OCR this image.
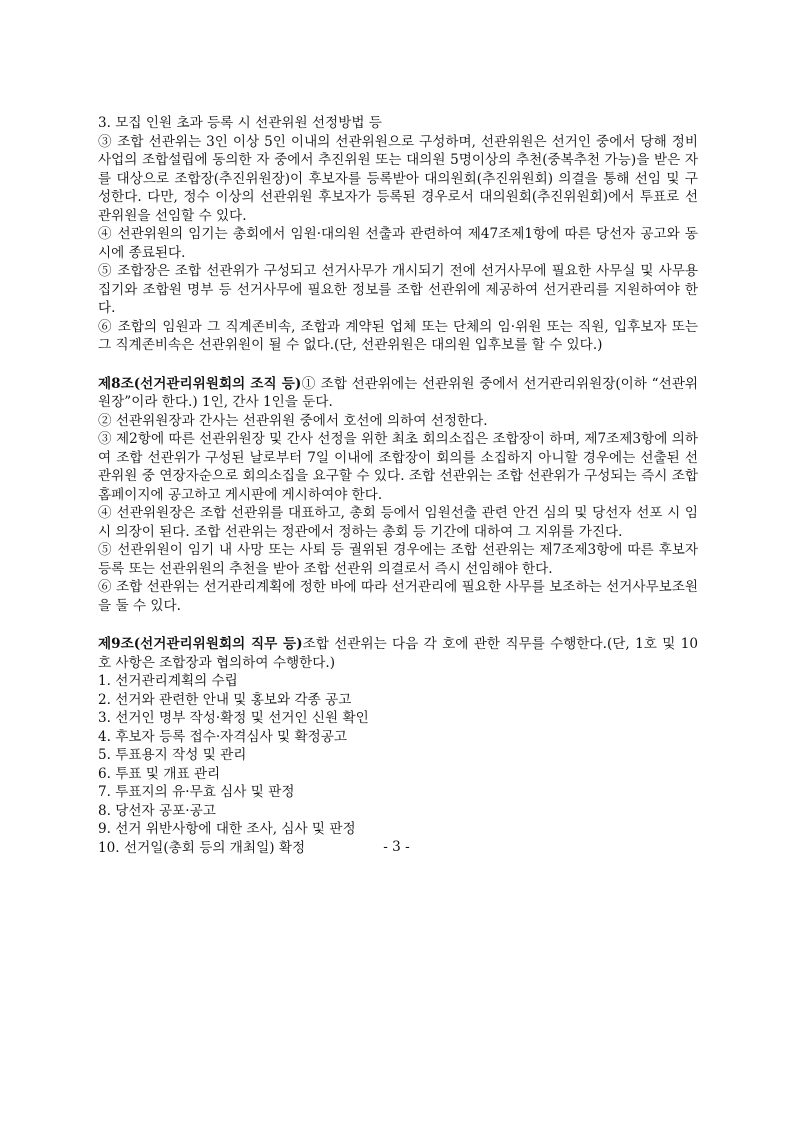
3. 모집 인원 초과 등록 시 선관위원 선정방법 등
③ 조합 선관위는 3인 이상 5인 이내의 선관위원으로 구성하며, 선관위원은 선거인 중에서 당해 정비사업의 조합설립에 동의한 자 중에서 추진위원 또는 대의원 5명이상의 추천(중복추천 가능)을 받은 자를 대상으로 조합장(추진위원장)이 후보자를 등록받아 대의원회(추진위원회) 의결을 통해 선임 및 구성한다. 다만, 정수 이상의 선관위원 후보자가 등록된 경우로서 대의원회(추진위원회)에서 투표로 선관위원을 선임할 수 있다.
④ 선관위원의 임기는 총회에서 임원·대의원 선출과 관련하여 제47조제1항에 따른 당선자 공고와 동시에 종료된다.
⑤ 조합장은 조합 선관위가 구성되고 선거사무가 개시되기 전에 선거사무에 필요한 사무실 및 사무용 집기와 조합원 명부 등 선거사무에 필요한 정보를 조합 선관위에 제공하여 선거관리를 지원하여야 한다.
⑥ 조합의 임원과 그 직계존비속, 조합과 계약된 업체 또는 단체의 임·위원 또는 직원, 입후보자 또는 그 직계존비속은 선관위원이 될 수 없다.(단, 선관위원은 대의원 입후보를 할 수 있다.)
제8조(선거관리위원회의 조직 등)① 조합 선관위에는 선관위원 중에서 선거관리위원장(이하 “선관위원장”이라 한다.) 1인, 간사 1인을 둔다.
② 선관위원장과 간사는 선관위원 중에서 호선에 의하여 선정한다.
③ 제2항에 따른 선관위원장 및 간사 선정을 위한 최초 회의소집은 조합장이 하며, 제7조제3항에 의하여 조합 선관위가 구성된 날로부터 7일 이내에 조합장이 회의를 소집하지 아니할 경우에는 선출된 선관위원 중 연장자순으로 회의소집을 요구할 수 있다. 조합 선관위는 조합 선관위가 구성되는 즉시 조합 홈페이지에 공고하고 게시판에 게시하여야 한다.
④ 선관위원장은 조합 선관위를 대표하고, 총회 등에서 임원선출 관련 안건 심의 및 당선자 선포 시 임시 의장이 된다. 조합 선관위는 정관에서 정하는 총회 등 기간에 대하여 그 지위를 가진다.
⑤ 선관위원이 임기 내 사망 또는 사퇴 등 궐위된 경우에는 조합 선관위는 제7조제3항에 따른 후보자 등록 또는 선관위원의 추천을 받아 조합 선관위 의결로서 즉시 선임해야 한다.
⑥ 조합 선관위는 선거관리계획에 정한 바에 따라 선거관리에 필요한 사무를 보조하는 선거사무보조원을 둘 수 있다.
제9조(선거관리위원회의 직무 등)조합 선관위는 다음 각 호에 관한 직무를 수행한다.(단, 1호 및 10호 사항은 조합장과 협의하여 수행한다.)
1. 선거관리계획의 수립
2. 선거와 관련한 안내 및 홍보와 각종 공고
3. 선거인 명부 작성·확정 및 선거인 신원 확인
4. 후보자 등록 접수·자격심사 및 확정공고
5. 투표용지 작성 및 관리
6. 투표 및 개표 관리
7. 투표지의 유·무효 심사 및 판정
8. 당선자 공포·공고
9. 선거 위반사항에 대한 조사, 심사 및 판정
10. 선거일(총회 등의 개최일) 확정	- 3 -
